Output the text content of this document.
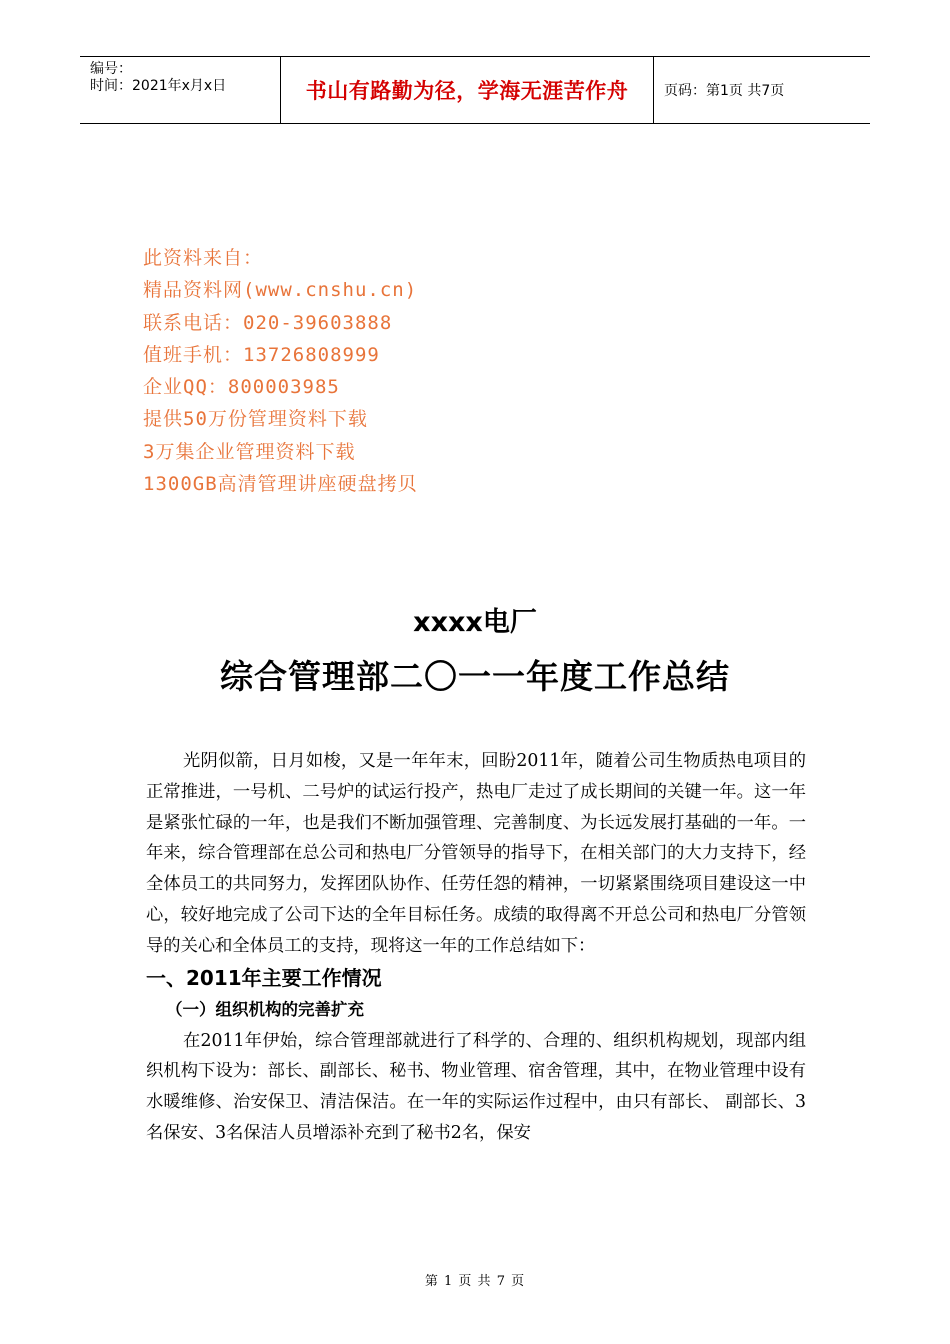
编号：
时间：2021年x月x日	书山有路勤为径，学海无涯苦作舟	页码：第1页 共7页
此资料来自：
精品资料网(www.cnshu.cn)
联系电话：020-39603888
值班手机：13726808999
企业QQ：800003985
提供50万份管理资料下载
3万集企业管理资料下载
1300GB高清管理讲座硬盘拷贝
xxxx电厂
综合管理部二〇一一年度工作总结

光阴似箭，日月如梭，又是一年年末，回盼2011年，随着公司生物质热电项目的正常推进，一号机、二号炉的试运行投产，热电厂走过了成长期间的关键一年。这一年是紧张忙碌的一年，也是我们不断加强管理、完善制度、为长远发展打基础的一年。一年来，综合管理部在总公司和热电厂分管领导的指导下，在相关部门的大力支持下，经全体员工的共同努力，发挥团队协作、任劳任怨的精神，一切紧紧围绕项目建设这一中心，较好地完成了公司下达的全年目标任务。成绩的取得离不开总公司和热电厂分管领导的关心和全体员工的支持，现将这一年的工作总结如下：

一、2011年主要工作情况

（一）组织机构的完善扩充

在2011年伊始，综合管理部就进行了科学的、合理的、组织机构规划，现部内组织机构下设为：部长、副部长、秘书、物业管理、宿舍管理，其中，在物业管理中设有水暖维修、治安保卫、清洁保洁。在一年的实际运作过程中，由只有部长、 副部长、3名保安、3名保洁人员增添补充到了秘书2名，保安

第 1 页 共 7 页
